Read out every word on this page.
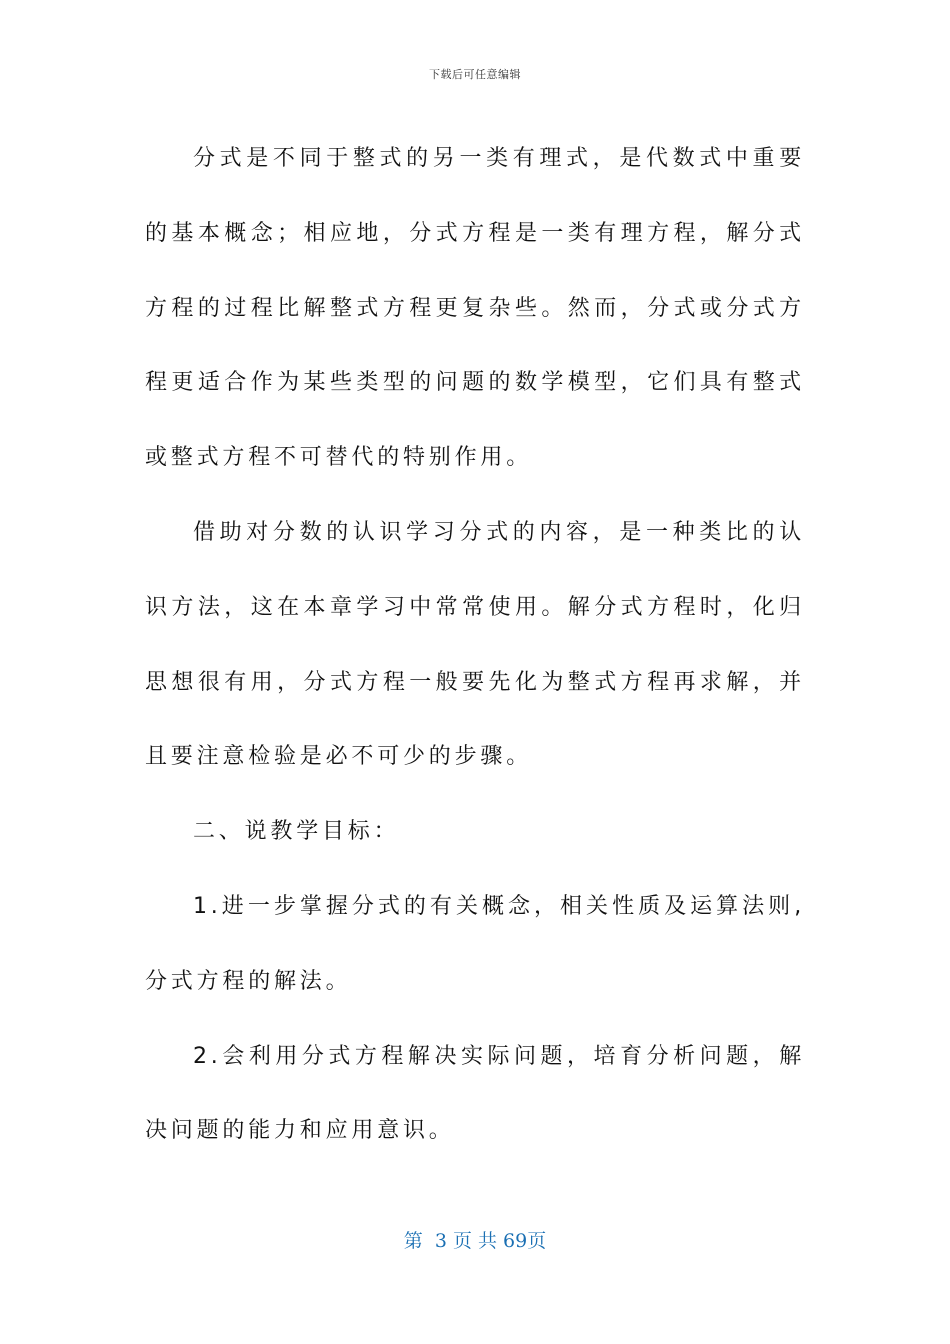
下载后可任意编辑

分式是不同于整式的另一类有理式，是代数式中重要的基本概念；相应地，分式方程是一类有理方程，解分式方程的过程比解整式方程更复杂些。然而，分式或分式方程更适合作为某些类型的问题的数学模型，它们具有整式或整式方程不可替代的特别作用。

借助对分数的认识学习分式的内容，是一种类比的认识方法，这在本章学习中常常使用。解分式方程时，化归思想很有用，分式方程一般要先化为整式方程再求解，并且要注意检验是必不可少的步骤。

二、说教学目标：

1.进一步掌握分式的有关概念，相关性质及运算法则,分式方程的解法。

2.会利用分式方程解决实际问题，培育分析问题，解决问题的能力和应用意识。

第  3 页 共 69页
